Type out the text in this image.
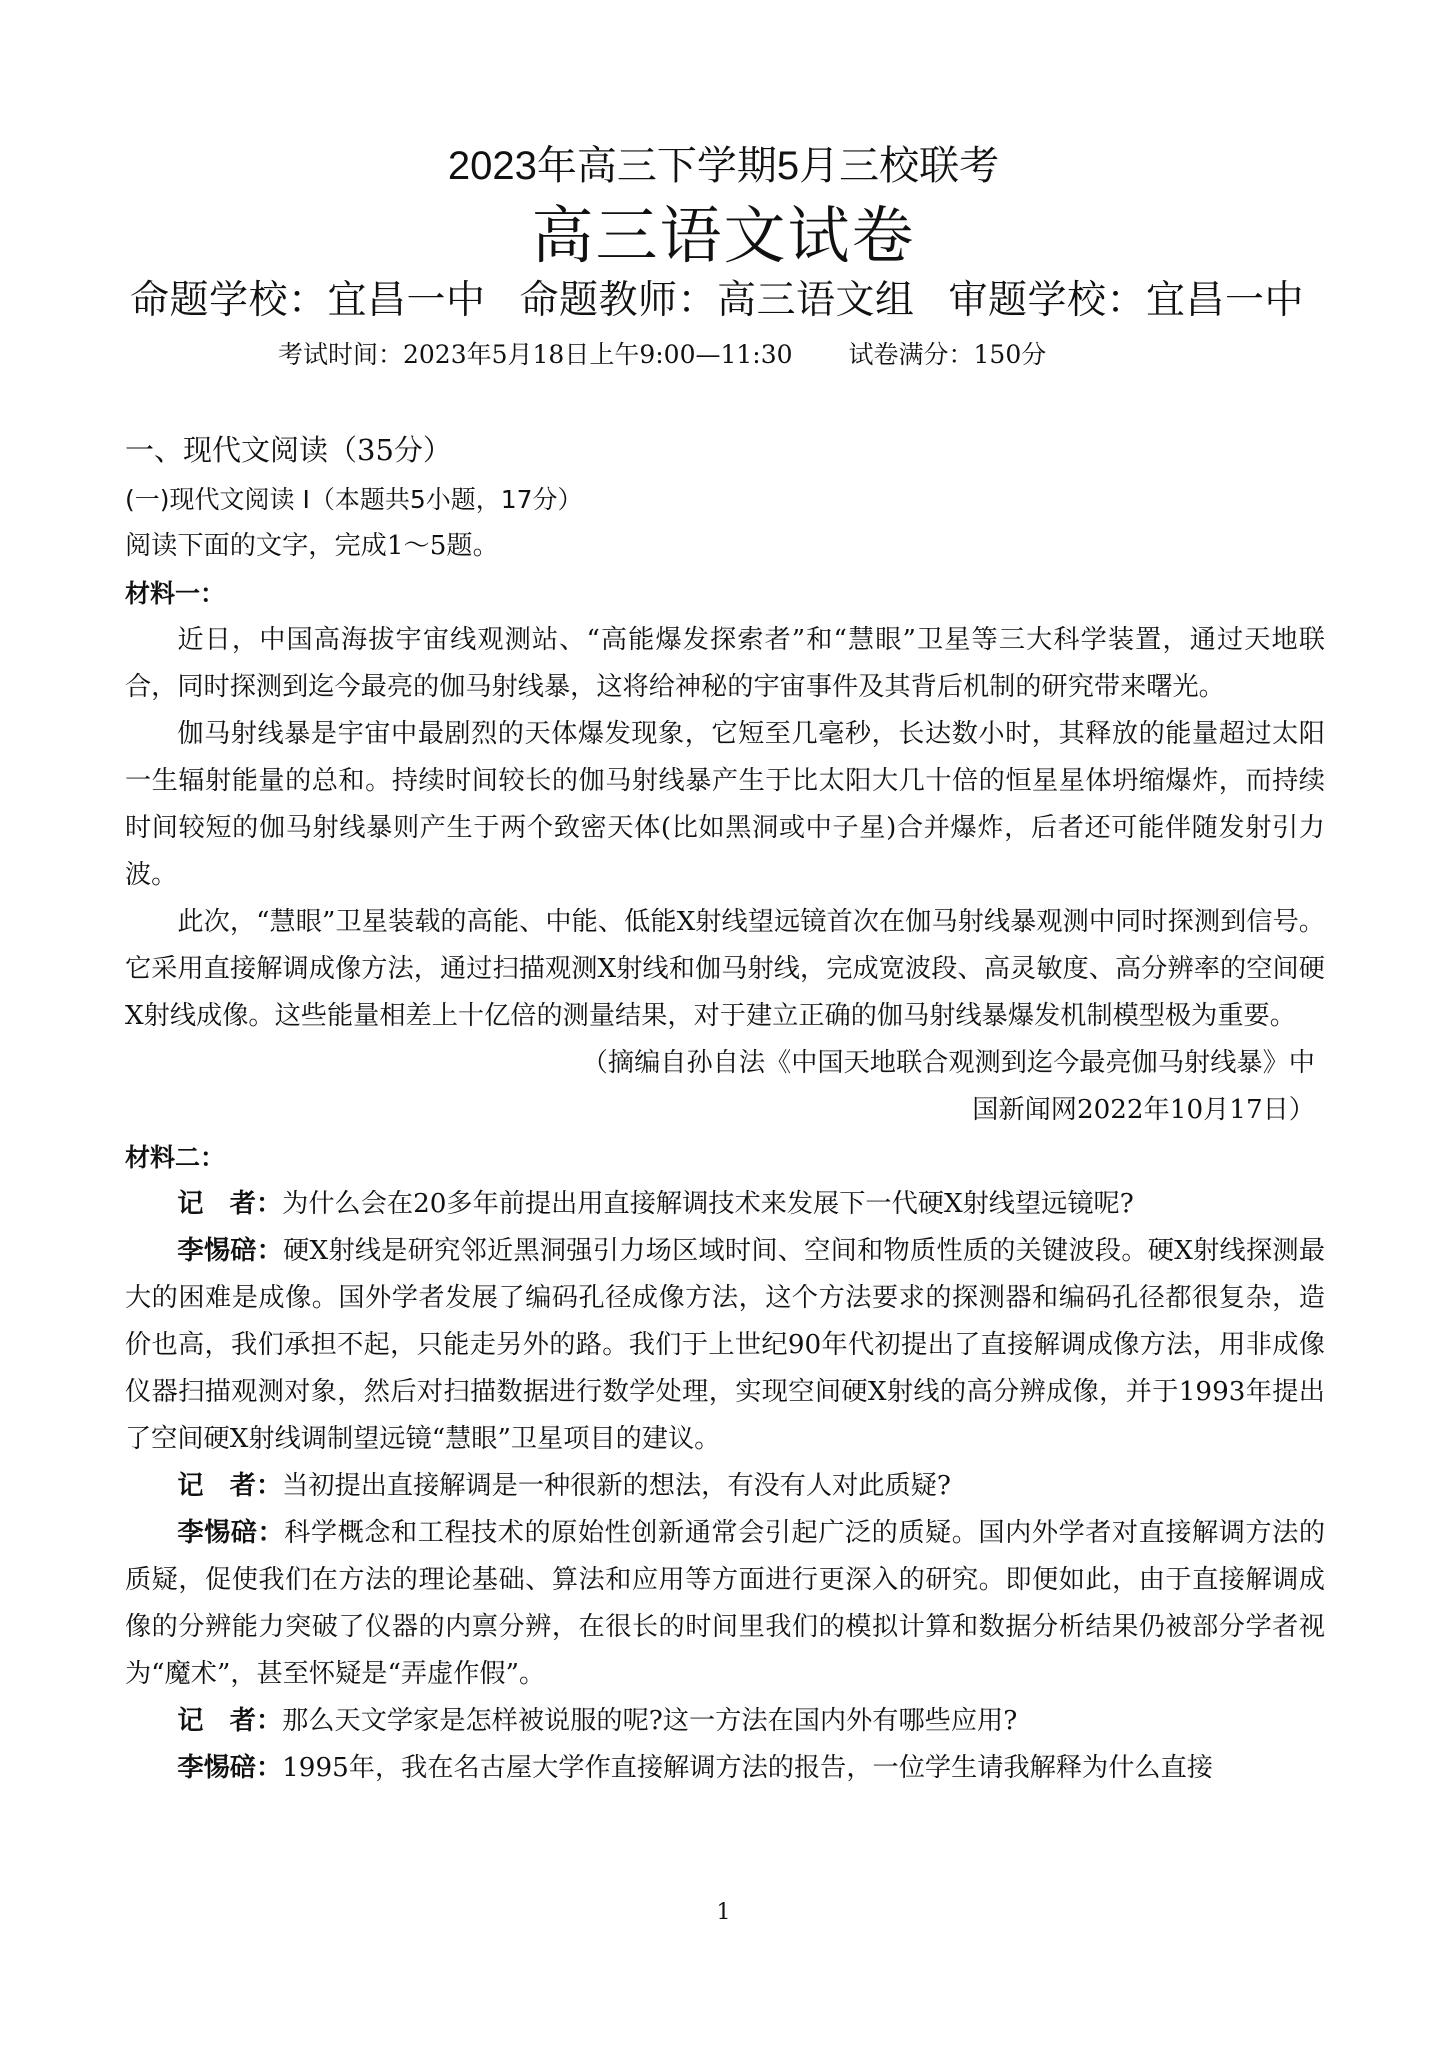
2023年高三下学期5月三校联考
高三语文试卷
命题学校：宜昌一中 命题教师：高三语文组 审题学校：宜昌一中
考试时间：2023年5月18日上午9:00—11:30 试卷满分：150分
一、现代文阅读（35分）
(一)现代文阅读 I（本题共5小题，17分）

阅读下面的文字，完成1～5题。

材料一：

近日，中国高海拔宇宙线观测站、“高能爆发探索者”和“慧眼”卫星等三大科学装置，通过天地联合，同时探测到迄今最亮的伽马射线暴，这将给神秘的宇宙事件及其背后机制的研究带来曙光。

伽马射线暴是宇宙中最剧烈的天体爆发现象，它短至几毫秒，长达数小时，其释放的能量超过太阳一生辐射能量的总和。持续时间较长的伽马射线暴产生于比太阳大几十倍的恒星星体坍缩爆炸，而持续时间较短的伽马射线暴则产生于两个致密天体(比如黑洞或中子星)合并爆炸，后者还可能伴随发射引力波。

此次，“慧眼”卫星装载的高能、中能、低能X射线望远镜首次在伽马射线暴观测中同时探测到信号。它采用直接解调成像方法，通过扫描观测X射线和伽马射线，完成宽波段、高灵敏度、高分辨率的空间硬X射线成像。这些能量相差上十亿倍的测量结果，对于建立正确的伽马射线暴爆发机制模型极为重要。

（摘编自孙自法《中国天地联合观测到迄今最亮伽马射线暴》中

国新闻网2022年10月17日）

材料二：

记　者：为什么会在20多年前提出用直接解调技术来发展下一代硬X射线望远镜呢?

李惕碚：硬X射线是研究邻近黑洞强引力场区域时间、空间和物质性质的关键波段。硬X射线探测最大的困难是成像。国外学者发展了编码孔径成像方法，这个方法要求的探测器和编码孔径都很复杂，造价也高，我们承担不起，只能走另外的路。我们于上世纪90年代初提出了直接解调成像方法，用非成像仪器扫描观测对象，然后对扫描数据进行数学处理，实现空间硬X射线的高分辨成像，并于1993年提出了空间硬X射线调制望远镜“慧眼”卫星项目的建议。

记　者：当初提出直接解调是一种很新的想法，有没有人对此质疑?

李惕碚：科学概念和工程技术的原始性创新通常会引起广泛的质疑。国内外学者对直接解调方法的质疑，促使我们在方法的理论基础、算法和应用等方面进行更深入的研究。即便如此，由于直接解调成像的分辨能力突破了仪器的内禀分辨，在很长的时间里我们的模拟计算和数据分析结果仍被部分学者视为“魔术”，甚至怀疑是“弄虚作假”。

记　者：那么天文学家是怎样被说服的呢?这一方法在国内外有哪些应用?

李惕碚：1995年，我在名古屋大学作直接解调方法的报告，一位学生请我解释为什么直接

1
